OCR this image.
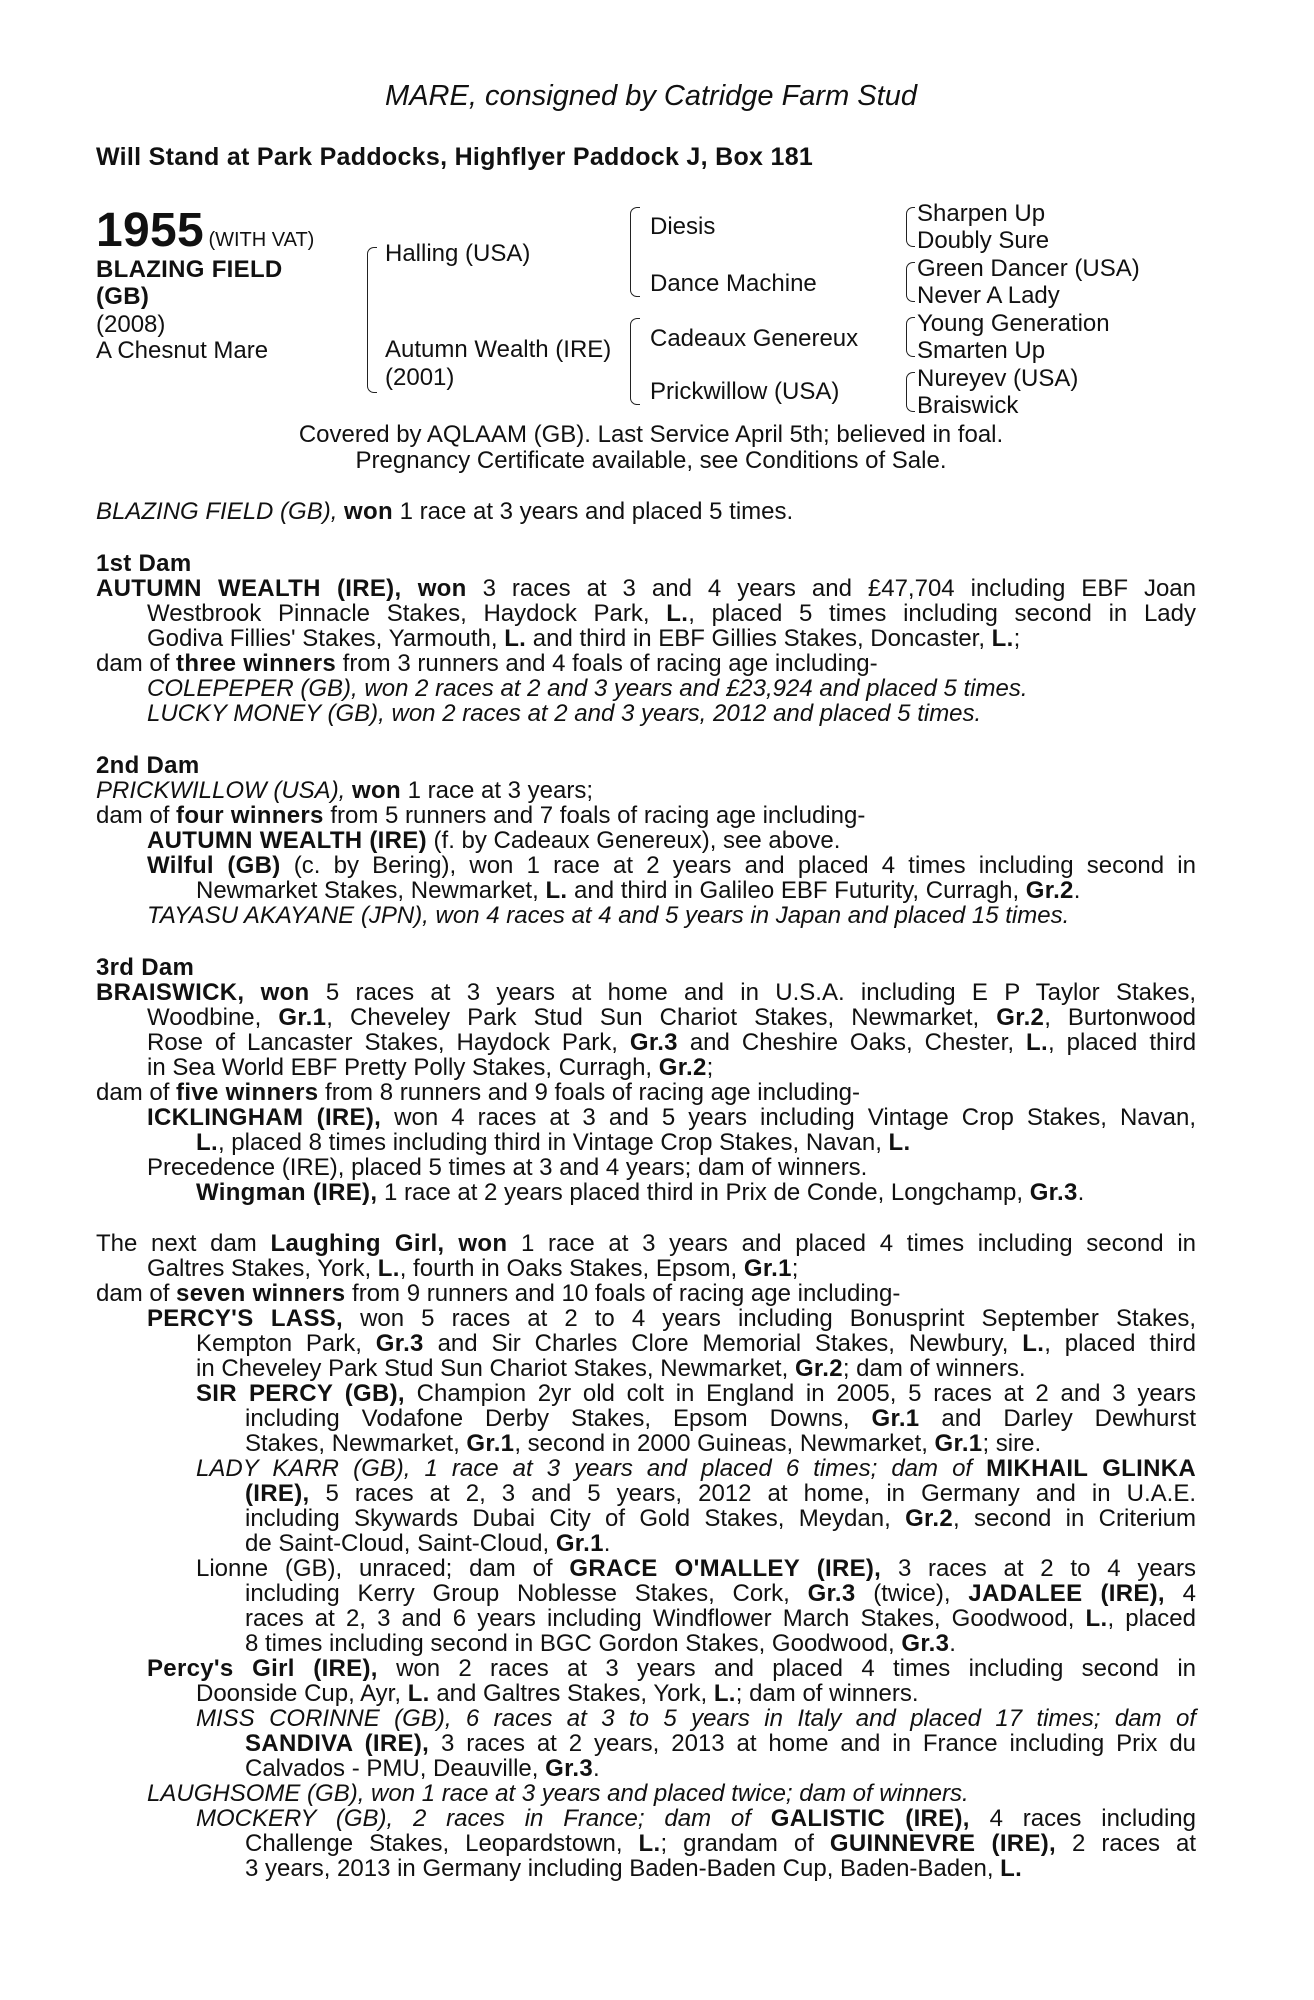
MARE, consigned by Catridge Farm Stud
Will Stand at Park Paddocks, Highflyer Paddock J, Box 181
1955 (WITH VAT)
BLAZING FIELD
(GB)
(2008)
A Chesnut Mare
Halling (USA)
Autumn Wealth (IRE)
(2001)
Diesis
Dance Machine
Cadeaux Genereux
Prickwillow (USA)
Sharpen Up
Doubly Sure
Green Dancer (USA)
Never A Lady
Young Generation
Smarten Up
Nureyev (USA)
Braiswick
Covered by AQLAAM (GB). Last Service April 5th; believed in foal.
Pregnancy Certificate available, see Conditions of Sale.
BLAZING FIELD (GB), won 1 race at 3 years and placed 5 times.
1st Dam
AUTUMN WEALTH (IRE), won 3 races at 3 and 4 years and £47,704 including EBF Joan
Westbrook Pinnacle Stakes, Haydock Park, L., placed 5 times including second in Lady
Godiva Fillies' Stakes, Yarmouth, L. and third in EBF Gillies Stakes, Doncaster, L.;
dam of three winners from 3 runners and 4 foals of racing age including-
COLEPEPER (GB), won 2 races at 2 and 3 years and £23,924 and placed 5 times.
LUCKY MONEY (GB), won 2 races at 2 and 3 years, 2012 and placed 5 times.
2nd Dam
PRICKWILLOW (USA), won 1 race at 3 years;
dam of four winners from 5 runners and 7 foals of racing age including-
AUTUMN WEALTH (IRE) (f. by Cadeaux Genereux), see above.
Wilful (GB) (c. by Bering), won 1 race at 2 years and placed 4 times including second in
Newmarket Stakes, Newmarket, L. and third in Galileo EBF Futurity, Curragh, Gr.2.
TAYASU AKAYANE (JPN), won 4 races at 4 and 5 years in Japan and placed 15 times.
3rd Dam
BRAISWICK, won 5 races at 3 years at home and in U.S.A. including E P Taylor Stakes,
Woodbine, Gr.1, Cheveley Park Stud Sun Chariot Stakes, Newmarket, Gr.2, Burtonwood
Rose of Lancaster Stakes, Haydock Park, Gr.3 and Cheshire Oaks, Chester, L., placed third
in Sea World EBF Pretty Polly Stakes, Curragh, Gr.2;
dam of five winners from 8 runners and 9 foals of racing age including-
ICKLINGHAM (IRE), won 4 races at 3 and 5 years including Vintage Crop Stakes, Navan,
L., placed 8 times including third in Vintage Crop Stakes, Navan, L.
Precedence (IRE), placed 5 times at 3 and 4 years; dam of winners.
Wingman (IRE), 1 race at 2 years placed third in Prix de Conde, Longchamp, Gr.3.
The next dam Laughing Girl, won 1 race at 3 years and placed 4 times including second in
Galtres Stakes, York, L., fourth in Oaks Stakes, Epsom, Gr.1;
dam of seven winners from 9 runners and 10 foals of racing age including-
PERCY'S LASS, won 5 races at 2 to 4 years including Bonusprint September Stakes,
Kempton Park, Gr.3 and Sir Charles Clore Memorial Stakes, Newbury, L., placed third
in Cheveley Park Stud Sun Chariot Stakes, Newmarket, Gr.2; dam of winners.
SIR PERCY (GB), Champion 2yr old colt in England in 2005, 5 races at 2 and 3 years
including Vodafone Derby Stakes, Epsom Downs, Gr.1 and Darley Dewhurst
Stakes, Newmarket, Gr.1, second in 2000 Guineas, Newmarket, Gr.1; sire.
LADY KARR (GB), 1 race at 3 years and placed 6 times; dam of MIKHAIL GLINKA
(IRE), 5 races at 2, 3 and 5 years, 2012 at home, in Germany and in U.A.E.
including Skywards Dubai City of Gold Stakes, Meydan, Gr.2, second in Criterium
de Saint-Cloud, Saint-Cloud, Gr.1.
Lionne (GB), unraced; dam of GRACE O'MALLEY (IRE), 3 races at 2 to 4 years
including Kerry Group Noblesse Stakes, Cork, Gr.3 (twice), JADALEE (IRE), 4
races at 2, 3 and 6 years including Windflower March Stakes, Goodwood, L., placed
8 times including second in BGC Gordon Stakes, Goodwood, Gr.3.
Percy's Girl (IRE), won 2 races at 3 years and placed 4 times including second in
Doonside Cup, Ayr, L. and Galtres Stakes, York, L.; dam of winners.
MISS CORINNE (GB), 6 races at 3 to 5 years in Italy and placed 17 times; dam of
SANDIVA (IRE), 3 races at 2 years, 2013 at home and in France including Prix du
Calvados - PMU, Deauville, Gr.3.
LAUGHSOME (GB), won 1 race at 3 years and placed twice; dam of winners.
MOCKERY (GB), 2 races in France; dam of GALISTIC (IRE), 4 races including
Challenge Stakes, Leopardstown, L.; grandam of GUINNEVRE (IRE), 2 races at
3 years, 2013 in Germany including Baden-Baden Cup, Baden-Baden, L.
